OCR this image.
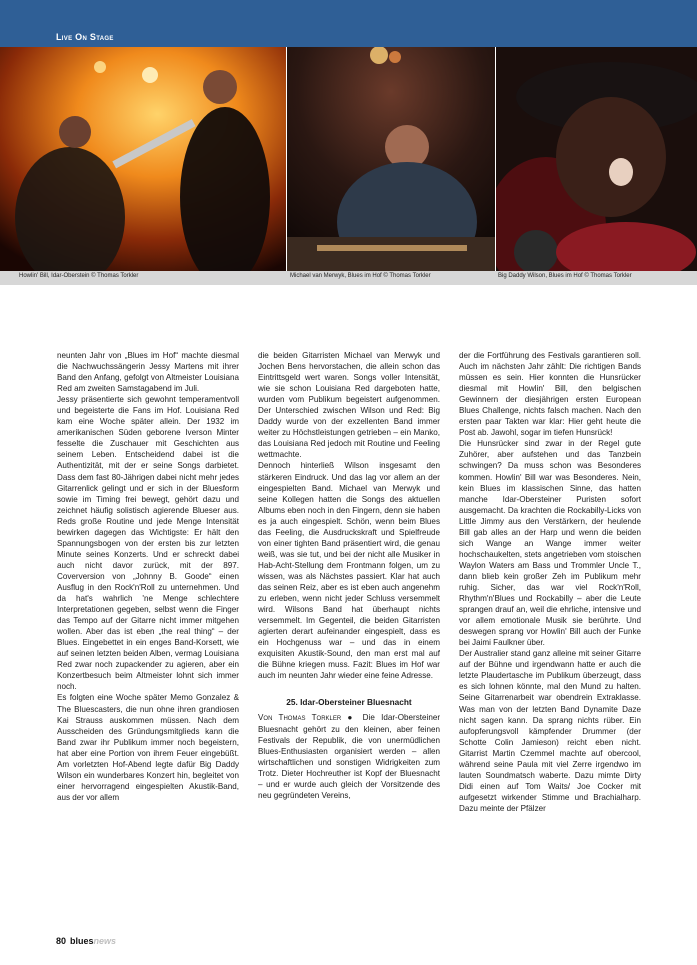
Live On Stage
Howlin' Bill, Idar-Oberstein © Thomas Torkler	Michael van Merwyk, Blues im Hof © Thomas Torkler	Big Daddy Wilson, Blues im Hof © Thomas Torkler

neunten Jahr von „Blues im Hof“ machte diesmal die Nachwuchssängerin Jessy Martens mit ihrer Band den Anfang, gefolgt von Altmeister Louisiana Red am zweiten Samstagabend im Juli.

Jessy präsentierte sich gewohnt temperamentvoll und begeisterte die Fans im Hof. Louisiana Red kam eine Woche später allein. Der 1932 im amerikanischen Süden geborene Iverson Minter fesselte die Zuschauer mit Geschichten aus seinem Leben. Entscheidend dabei ist die Authentizität, mit der er seine Songs darbietet. Dass dem fast 80-Jährigen dabei nicht mehr jedes Gitarrenlick gelingt und er sich in der Bluesform sowie im Timing frei bewegt, gehört dazu und zeichnet häufig solistisch agierende Blueser aus. Reds große Routine und jede Menge Intensität bewirken dagegen das Wichtigste: Er hält den Spannungsbogen von der ersten bis zur letzten Minute seines Konzerts. Und er schreckt dabei auch nicht davor zurück, mit der 897. Coverversion von „Johnny B. Goode“ einen Ausflug in den Rock'n'Roll zu unternehmen. Und da hat's wahrlich 'ne Menge schlechtere Interpretationen gegeben, selbst wenn die Finger das Tempo auf der Gitarre nicht immer mitgehen wollen. Aber das ist eben „the real thing“ – der Blues. Eingebettet in ein enges Band-Korsett, wie auf seinen letzten beiden Alben, vermag Louisiana Red zwar noch zupackender zu agieren, aber ein Konzertbesuch beim Altmeister lohnt sich immer noch.

Es folgten eine Woche später Memo Gonzalez & The Bluescasters, die nun ohne ihren grandiosen Kai Strauss auskommen müssen. Nach dem Ausscheiden des Gründungsmitglieds kann die Band zwar ihr Publikum immer noch begeistern, hat aber eine Portion von ihrem Feuer eingebüßt. Am vorletzten Hof-Abend legte dafür Big Daddy Wilson ein wunderbares Konzert hin, begleitet von einer hervorragend eingespielten Akustik-Band, aus der vor allem

die beiden Gitarristen Michael van Merwyk und Jochen Bens hervorstachen, die allein schon das Eintrittsgeld wert waren. Songs voller Intensität, wie sie schon Louisiana Red dargeboten hatte, wurden vom Publikum begeistert aufgenommen. Der Unterschied zwischen Wilson und Red: Big Daddy wurde von der exzellenten Band immer weiter zu Höchstleistungen getrieben – ein Manko, das Louisiana Red jedoch mit Routine und Feeling wettmachte.

Dennoch hinterließ Wilson insgesamt den stärkeren Eindruck. Und das lag vor allem an der eingespielten Band. Michael van Merwyk und seine Kollegen hatten die Songs des aktuellen Albums eben noch in den Fingern, denn sie haben es ja auch eingespielt. Schön, wenn beim Blues das Feeling, die Ausdruckskraft und Spielfreude von einer tighten Band präsentiert wird, die genau weiß, was sie tut, und bei der nicht alle Musiker in Hab-Acht-Stellung dem Frontmann folgen, um zu wissen, was als Nächstes passiert. Klar hat auch das seinen Reiz, aber es ist eben auch angenehm zu erleben, wenn nicht jeder Schluss versemmelt wird. Wilsons Band hat überhaupt nichts versemmelt. Im Gegenteil, die beiden Gitarristen agierten derart aufeinander eingespielt, dass es ein Hochgenuss war – und das in einem exquisiten Akustik-Sound, den man erst mal auf die Bühne kriegen muss. Fazit: Blues im Hof war auch im neunten Jahr wieder eine feine Adresse.

25. Idar-Obersteiner Bluesnacht

Von Thomas Torkler ● Die Idar-Obersteiner Bluesnacht gehört zu den kleinen, aber feinen Festivals der Republik, die von unermüdlichen Blues-Enthusiasten organisiert werden – allen wirtschaftlichen und sonstigen Widrigkeiten zum Trotz. Dieter Hochreuther ist Kopf der Bluesnacht – und er wurde auch gleich der Vorsitzende des neu gegründeten Vereins,

der die Fortführung des Festivals garantieren soll. Auch im nächsten Jahr zählt: Die richtigen Bands müssen es sein. Hier konnten die Hunsrücker diesmal mit Howlin' Bill, den belgischen Gewinnern der diesjährigen ersten European Blues Challenge, nichts falsch machen. Nach den ersten paar Takten war klar: Hier geht heute die Post ab. Jawohl, sogar im tiefen Hunsrück!

Die Hunsrücker sind zwar in der Regel gute Zuhörer, aber aufstehen und das Tanzbein schwingen? Da muss schon was Besonderes kommen. Howlin' Bill war was Besonderes. Nein, kein Blues im klassischen Sinne, das hatten manche Idar-Obersteiner Puristen sofort ausgemacht. Da krachten die Rockabilly-Licks von Little Jimmy aus den Verstärkern, der heulende Bill gab alles an der Harp und wenn die beiden sich Wange an Wange immer weiter hochschaukelten, stets angetrieben vom stoischen Waylon Waters am Bass und Trommler Uncle T., dann blieb kein großer Zeh im Publikum mehr ruhig. Sicher, das war viel Rock'n'Roll, Rhythm'n'Blues und Rockabilly – aber die Leute sprangen drauf an, weil die ehrliche, intensive und vor allem emotionale Musik sie berührte. Und deswegen sprang vor Howlin' Bill auch der Funke bei Jaimi Faulkner über.

Der Australier stand ganz alleine mit seiner Gitarre auf der Bühne und irgendwann hatte er auch die letzte Plaudertasche im Publikum überzeugt, dass es sich lohnen könnte, mal den Mund zu halten. Seine Gitarrenarbeit war obendrein Extraklasse. Was man von der letzten Band Dynamite Daze nicht sagen kann. Da sprang nichts rüber. Ein aufopferungsvoll kämpfender Drummer (der Schotte Colin Jamieson) reicht eben nicht. Gitarrist Martin Czemmel machte auf obercool, während seine Paula mit viel Zerre irgendwo im lauten Soundmatsch waberte. Dazu mimte Dirty Didi einen auf Tom Waits/ Joe Cocker mit aufgesetzt wirkender Stimme und Brachialharp. Dazu meinte der Pfälzer

80 bluesnews
